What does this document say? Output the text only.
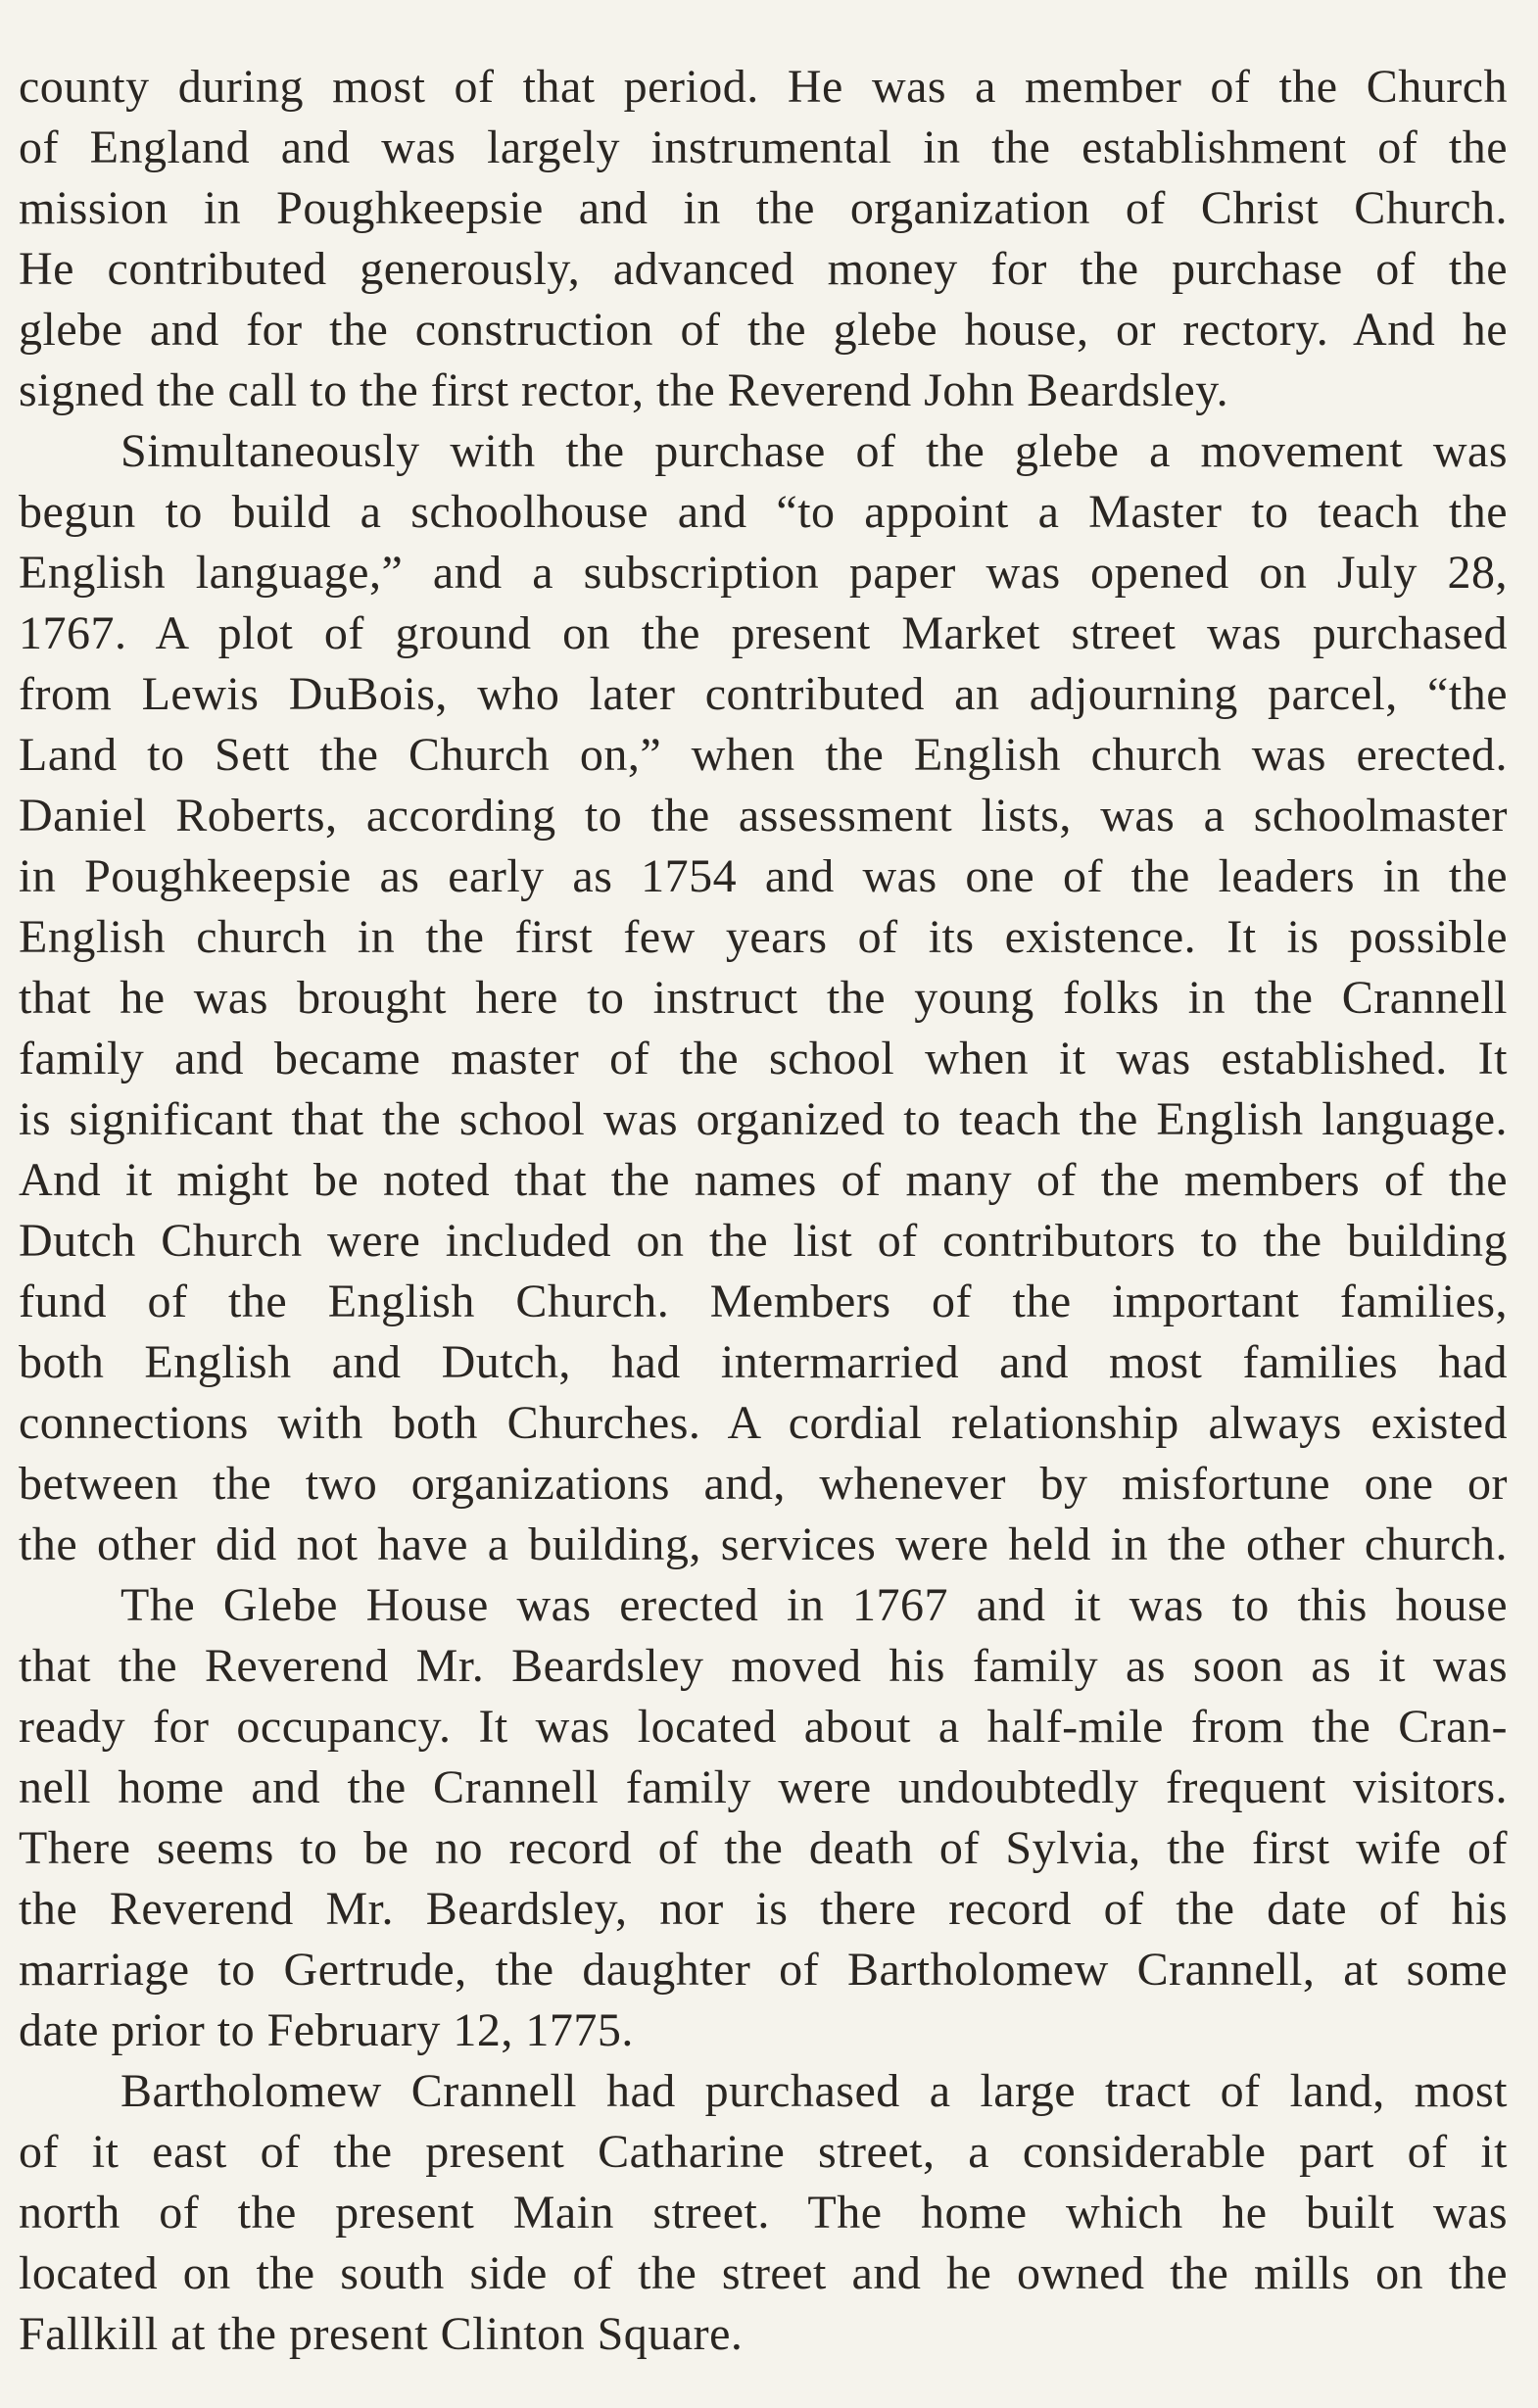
county during most of that period. He was a member of the Church
of England and was largely instrumental in the establishment of the
mission in Poughkeepsie and in the organization of Christ Church.
He contributed generously, advanced money for the purchase of the
glebe and for the construction of the glebe house, or rectory. And he
signed the call to the first rector, the Reverend John Beardsley.
Simultaneously with the purchase of the glebe a movement was
begun to build a schoolhouse and “to appoint a Master to teach the
English language,” and a subscription paper was opened on July 28,
1767. A plot of ground on the present Market street was purchased
from Lewis DuBois, who later contributed an adjourning parcel, “the
Land to Sett the Church on,” when the English church was erected.
Daniel Roberts, according to the assessment lists, was a schoolmaster
in Poughkeepsie as early as 1754 and was one of the leaders in the
English church in the first few years of its existence. It is possible
that he was brought here to instruct the young folks in the Crannell
family and became master of the school when it was established. It
is significant that the school was organized to teach the English language.
And it might be noted that the names of many of the members of the
Dutch Church were included on the list of contributors to the building
fund of the English Church. Members of the important families,
both English and Dutch, had intermarried and most families had
connections with both Churches. A cordial relationship always existed
between the two organizations and, whenever by misfortune one or
the other did not have a building, services were held in the other church.
The Glebe House was erected in 1767 and it was to this house
that the Reverend Mr. Beardsley moved his family as soon as it was
ready for occupancy. It was located about a half-mile from the Cran-
nell home and the Crannell family were undoubtedly frequent visitors.
There seems to be no record of the death of Sylvia, the first wife of
the Reverend Mr. Beardsley, nor is there record of the date of his
marriage to Gertrude, the daughter of Bartholomew Crannell, at some
date prior to February 12, 1775.
Bartholomew Crannell had purchased a large tract of land, most
of it east of the present Catharine street, a considerable part of it
north of the present Main street. The home which he built was
located on the south side of the street and he owned the mills on the
Fallkill at the present Clinton Square.
